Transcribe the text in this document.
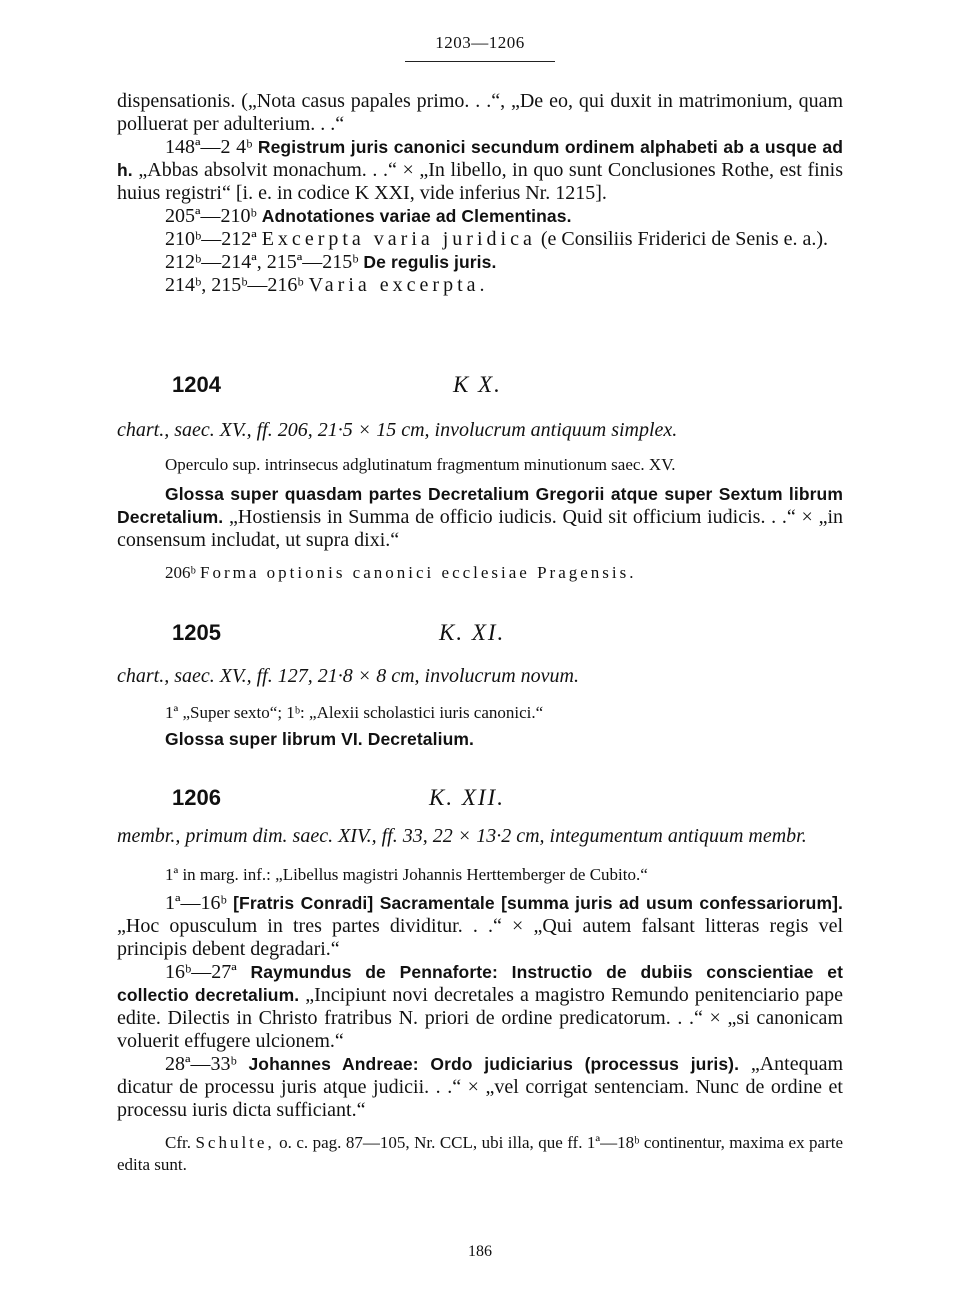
1203—1206

dispensationis. („Nota casus papales primo. . .“, „De eo, qui duxit in matrimonium, quam polluerat per adulterium. . .“

148ª—2 4ᵇ Registrum juris canonici secundum ordinem alphabeti ab a usque ad h. „Abbas absolvit monachum. . .“ × „In libello, in quo sunt Conclusiones Rothe, est finis huius registri“ [i. e. in codice K XXI, vide inferius Nr. 1215].

205ª—210ᵇ Adnotationes variae ad Clementinas.

210ᵇ—212ª Excerpta varia juridica (e Consiliis Friderici de Senis e. a.).

212ᵇ—214ª, 215ª—215ᵇ De regulis juris.

214ᵇ, 215ᵇ—216ᵇ Varia excerpta.

1204	K X.

chart., saec. XV., ff. 206, 21·5 × 15 cm, involucrum antiquum simplex.

Operculo sup. intrinsecus adglutinatum fragmentum minutionum saec. XV.

Glossa super quasdam partes Decretalium Gregorii atque super Sextum librum Decretalium. „Hostiensis in Summa de officio iudicis. Quid sit officium iudicis. . .“ × „in consensum includat, ut supra dixi.“

206ᵇ Forma optionis canonici ecclesiae Pragensis.

1205	K. XI.

chart., saec. XV., ff. 127, 21·8 × 8 cm, involucrum novum.

1ª „Super sexto“; 1ᵇ: „Alexii scholastici iuris canonici.“

Glossa super librum VI. Decretalium.

1206	K. XII.

membr., primum dim. saec. XIV., ff. 33, 22 × 13·2 cm, integumentum antiquum membr.

1ª in marg. inf.: „Libellus magistri Johannis Herttemberger de Cubito.“

1ª—16ᵇ [Fratris Conradi] Sacramentale [summa juris ad usum confessariorum]. „Hoc opusculum in tres partes dividitur. . .“ × „Qui autem falsant litteras regis vel principis debent degradari.“

16ᵇ—27ª Raymundus de Pennaforte: Instructio de dubiis conscientiae et collectio decretalium. „Incipiunt novi decretales a magistro Remundo penitenciario pape edite. Dilectis in Christo fratribus N. priori de ordine predicatorum. . .“ × „si canonicam voluerit effugere ulcionem.“

28ª—33ᵇ Johannes Andreae: Ordo judiciarius (processus juris). „Antequam dicatur de processu juris atque judicii. . .“ × „vel corrigat sentenciam. Nunc de ordine et processu iuris dicta sufficiant.“

Cfr. Schulte, o. c. pag. 87—105, Nr. CCL, ubi illa, que ff. 1ª—18ᵇ continentur, maxima ex parte edita sunt.

186
